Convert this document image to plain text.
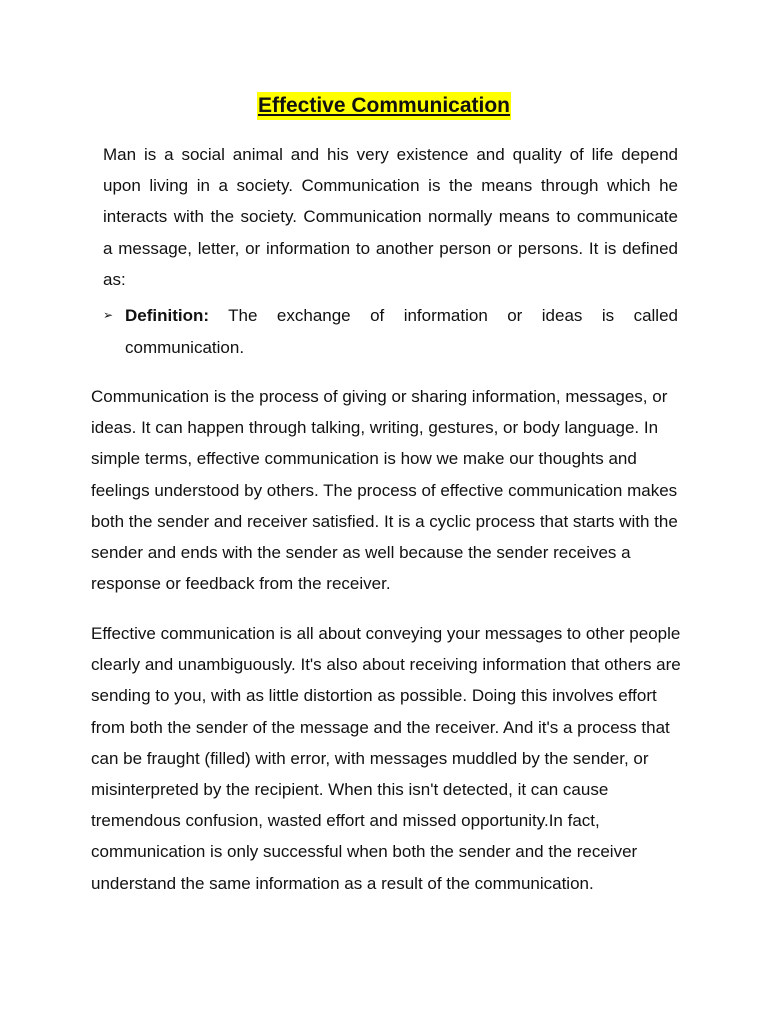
Effective Communication

Man is a social animal and his very existence and quality of life depend upon living in a society. Communication is the means through which he interacts with the society. Communication normally means to communicate a message, letter, or information to another person or persons. It is defined as:

➢ Definition: The exchange of information or ideas is called communication.

Communication is the process of giving or sharing information, messages, or ideas. It can happen through talking, writing, gestures, or body language. In simple terms, effective communication is how we make our thoughts and feelings understood by others. The process of effective communication makes both the sender and receiver satisfied. It is a cyclic process that starts with the sender and ends with the sender as well because the sender receives a response or feedback from the receiver.

Effective communication is all about conveying your messages to other people clearly and unambiguously. It's also about receiving information that others are sending to you, with as little distortion as possible. Doing this involves effort from both the sender of the message and the receiver. And it's a process that can be fraught (filled) with error, with messages muddled by the sender, or misinterpreted by the recipient. When this isn't detected, it can cause tremendous confusion, wasted effort and missed opportunity.In fact, communication is only successful when both the sender and the receiver understand the same information as a result of the communication.
